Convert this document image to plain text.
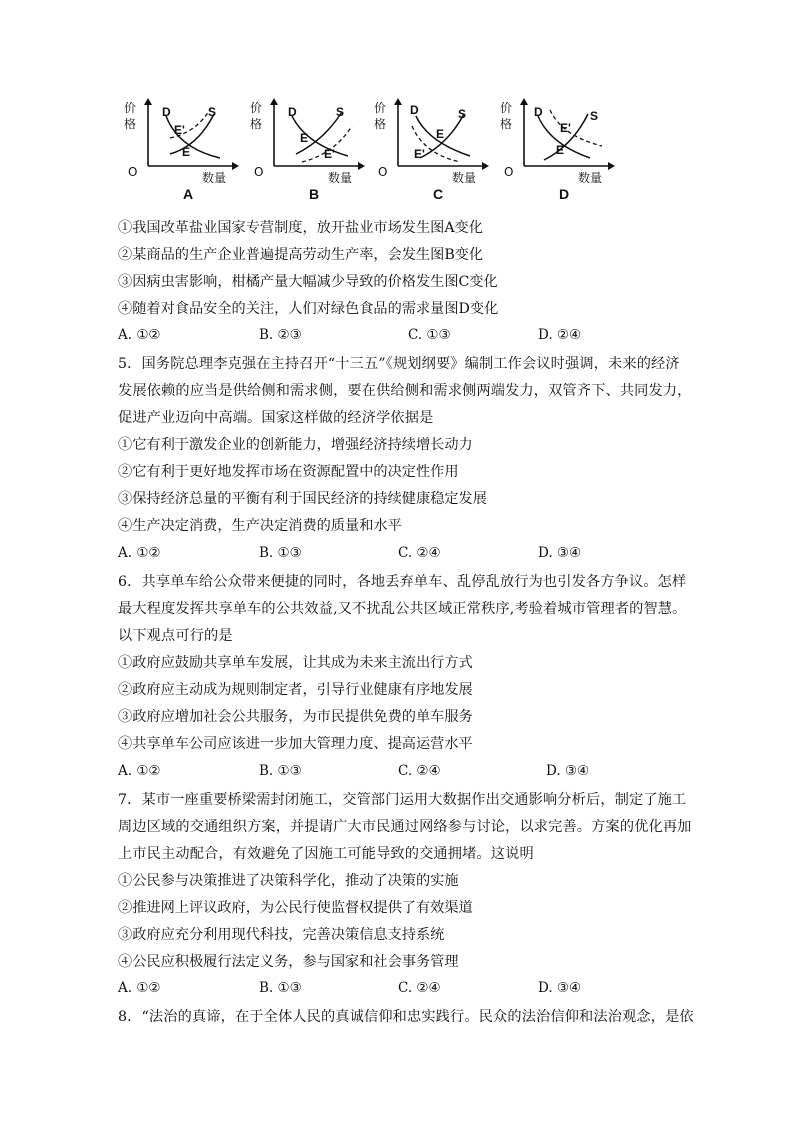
价
格
O	数量
D	S
E'
E
A
价
格
O	数量
D	S
E
E'
B
价
格
O	数量
D	S
E
E'
C
价
格
O	数量
D	S
E'
E
D
①我国改革盐业国家专营制度，放开盐业市场发生图A变化
②某商品的生产企业普遍提高劳动生产率，会发生图B变化
③因病虫害影响，柑橘产量大幅减少导致的价格发生图C变化
④随着对食品安全的关注，人们对绿色食品的需求量图D变化
A. ①②	B. ②③	C. ①③	D. ②④
5．国务院总理李克强在主持召开“十三五”《规划纲要》编制工作会议时强调，未来的经济
发展依赖的应当是供给侧和需求侧，要在供给侧和需求侧两端发力，双管齐下、共同发力，
促进产业迈向中高端。国家这样做的经济学依据是
①它有利于激发企业的创新能力，增强经济持续增长动力
②它有利于更好地发挥市场在资源配置中的决定性作用
③保持经济总量的平衡有利于国民经济的持续健康稳定发展
④生产决定消费，生产决定消费的质量和水平
A. ①②	B. ①③	C. ②④	D. ③④
6．共享单车给公众带来便捷的同时，各地丢弃单车、乱停乱放行为也引发各方争议。怎样
最大程度发挥共享单车的公共效益,又不扰乱公共区域正常秩序,考验着城市管理者的智慧。
以下观点可行的是
①政府应鼓励共享单车发展，让其成为未来主流出行方式
②政府应主动成为规则制定者，引导行业健康有序地发展
③政府应增加社会公共服务，为市民提供免费的单车服务
④共享单车公司应该进一步加大管理力度、提高运营水平
A. ①②	B. ①③	C. ②④	D. ③④
7．某市一座重要桥梁需封闭施工，交管部门运用大数据作出交通影响分析后，制定了施工
周边区域的交通组织方案，并提请广大市民通过网络参与讨论，以求完善。方案的优化再加
上市民主动配合，有效避免了因施工可能导致的交通拥堵。这说明
①公民参与决策推进了决策科学化，推动了决策的实施
②推进网上评议政府，为公民行使监督权提供了有效渠道
③政府应充分利用现代科技，完善决策信息支持系统
④公民应积极履行法定义务，参与国家和社会事务管理
A. ①②	B. ①③	C. ②④	D. ③④
8．“法治的真谛，在于全体人民的真诚信仰和忠实践行。民众的法治信仰和法治观念，是依
